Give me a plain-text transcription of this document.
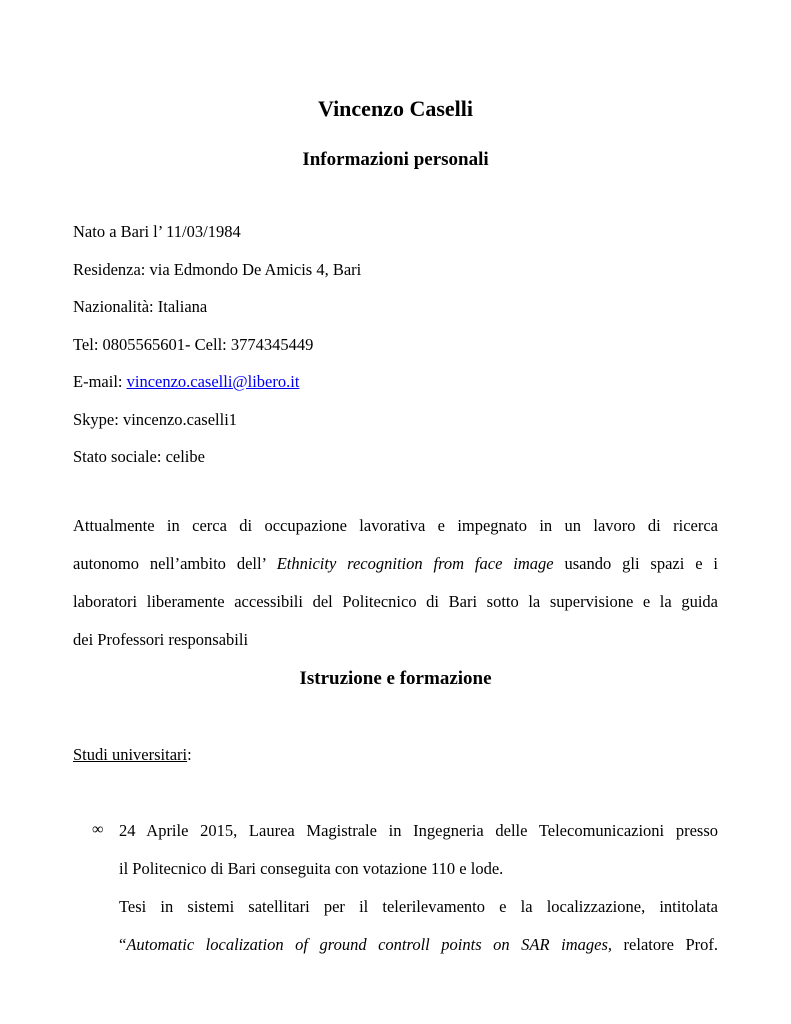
Vincenzo Caselli
Informazioni personali

Nato a Bari l’ 11/03/1984

Residenza: via Edmondo De Amicis 4, Bari

Nazionalità: Italiana

Tel: 0805565601- Cell: 3774345449

E-mail: vincenzo.caselli@libero.it

Skype: vincenzo.caselli1

Stato sociale: celibe

Attualmente in cerca di occupazione lavorativa e impegnato in un lavoro di ricerca
autonomo nell’ambito dell’ Ethnicity recognition from face image usando gli spazi e i
laboratori liberamente accessibili del Politecnico di Bari sotto la supervisione e la guida
dei Professori responsabili
Istruzione e formazione

Studi universitari:

∞ 24 Aprile 2015, Laurea Magistrale in Ingegneria delle Telecomunicazioni presso
il Politecnico di Bari conseguita con votazione 110 e lode.
Tesi in sistemi satellitari per il telerilevamento e la localizzazione, intitolata
“Automatic localization of ground controll points on SAR images, relatore Prof.
